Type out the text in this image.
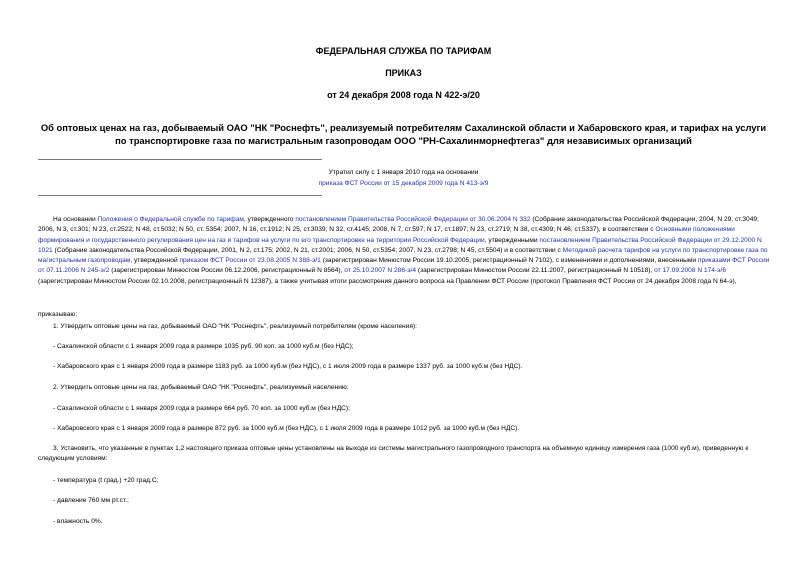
ФЕДЕРАЛЬНАЯ СЛУЖБА ПО ТАРИФАМ
ПРИКАЗ
от 24 декабря 2008 года N 422-э/20
Об оптовых ценах на газ, добываемый ОАО "НК "Роснефть", реализуемый потребителям Сахалинской области и Хабаровского края, и тарифах на услуги по транспортировке газа по магистральным газопроводам ООО "РН-Сахалинморнефтегаз" для независимых организаций
Утратил силу с 1 января 2010 года на основании
приказа ФСТ России от 15 декабря 2009 года N 413-э/9
На основании Положения о Федеральной службе по тарифам, утвержденного постановлением Правительства Российской Федерации от 30.06.2004 N 332 (Собрание законодательства Российской Федерации, 2004, N 29, ст.3049; 2006, N 3, ст.301; N 23, ст.2522; N 48, ст.5032; N 50, ст. 5354; 2007, N 16, ст.1912; N 25, ст.3039; N 32, ст.4145; 2008, N 7, ст.597; N 17, ст.1897; N 23, ст.2719; N 38, ст.4309; N 46, ст.5337), в соответствии с Основными положениями формирования и государственного регулирования цен на газ и тарифов на услуги по его транспортировке на территории Российской Федерации, утвержденными постановлением Правительства Российской Федерации от 29.12.2000 N 1021 (Собрание законодательства Российской Федерации, 2001, N 2, ст.175; 2002, N 21, ст.2001; 2006, N 50, ст.5354; 2007, N 23, ст.2798; N 45, ст.5504) и в соответствии с Методикой расчета тарифов на услуги по транспортировке газа по магистральным газопроводам, утвержденной приказом ФСТ России от 23.08.2005 N 388-э/1 (зарегистрирован Минюстом России 19.10.2005, регистрационный N 7102), с изменениями и дополнениями, внесенными приказами ФСТ России от 07.11.2006 N 245-э/2 (зарегистрирован Минюстом России 06.12.2006, регистрационный N 8564), от 25.10.2007 N 286-э/4 (зарегистрирован Минюстом России 22.11.2007, регистрационный N 10518), от 17.09.2008 N 174-э/6 (зарегистрирован Минюстом России 02.10.2008, регистрационный N 12387), а также учитывая итоги рассмотрения данного вопроса на Правлении ФСТ России (протокол Правления ФСТ России от 24 декабря 2008 года N 64-э),
приказываю:
1. Утвердить оптовые цены на газ, добываемый ОАО "НК "Роснефть", реализуемый потребителям (кроме населения):
- Сахалинской области с 1 января 2009 года в размере 1035 руб. 90 коп. за 1000 куб.м (без НДС);
- Хабаровского края с 1 января 2009 года в размере 1183 руб. за 1000 куб.м (без НДС), с 1 июля 2009 года в размере 1337 руб. за 1000 куб.м (без НДС).
2. Утвердить оптовые цены на газ, добываемый ОАО "НК "Роснефть", реализуемый населению:
- Сахалинской области с 1 января 2009 года в размере 664 руб. 70 коп. за 1000 куб.м (без НДС);
- Хабаровского края с 1 января 2009 года в размере 872 руб. за 1000 куб.м (без НДС), с 1 июля 2009 года в размере 1012 руб. за 1000 куб.м (без НДС).
3. Установить, что указанные в пунктах 1,2 настоящего приказа оптовые цены установлены на выходе из системы магистрального газопроводного транспорта на объемную единицу измерения газа (1000 куб.м), приведенную к следующим условиям:
- температура (t град.) +20 град.С;
- давление 760 мм рт.ст.;
- влажность 0%.
